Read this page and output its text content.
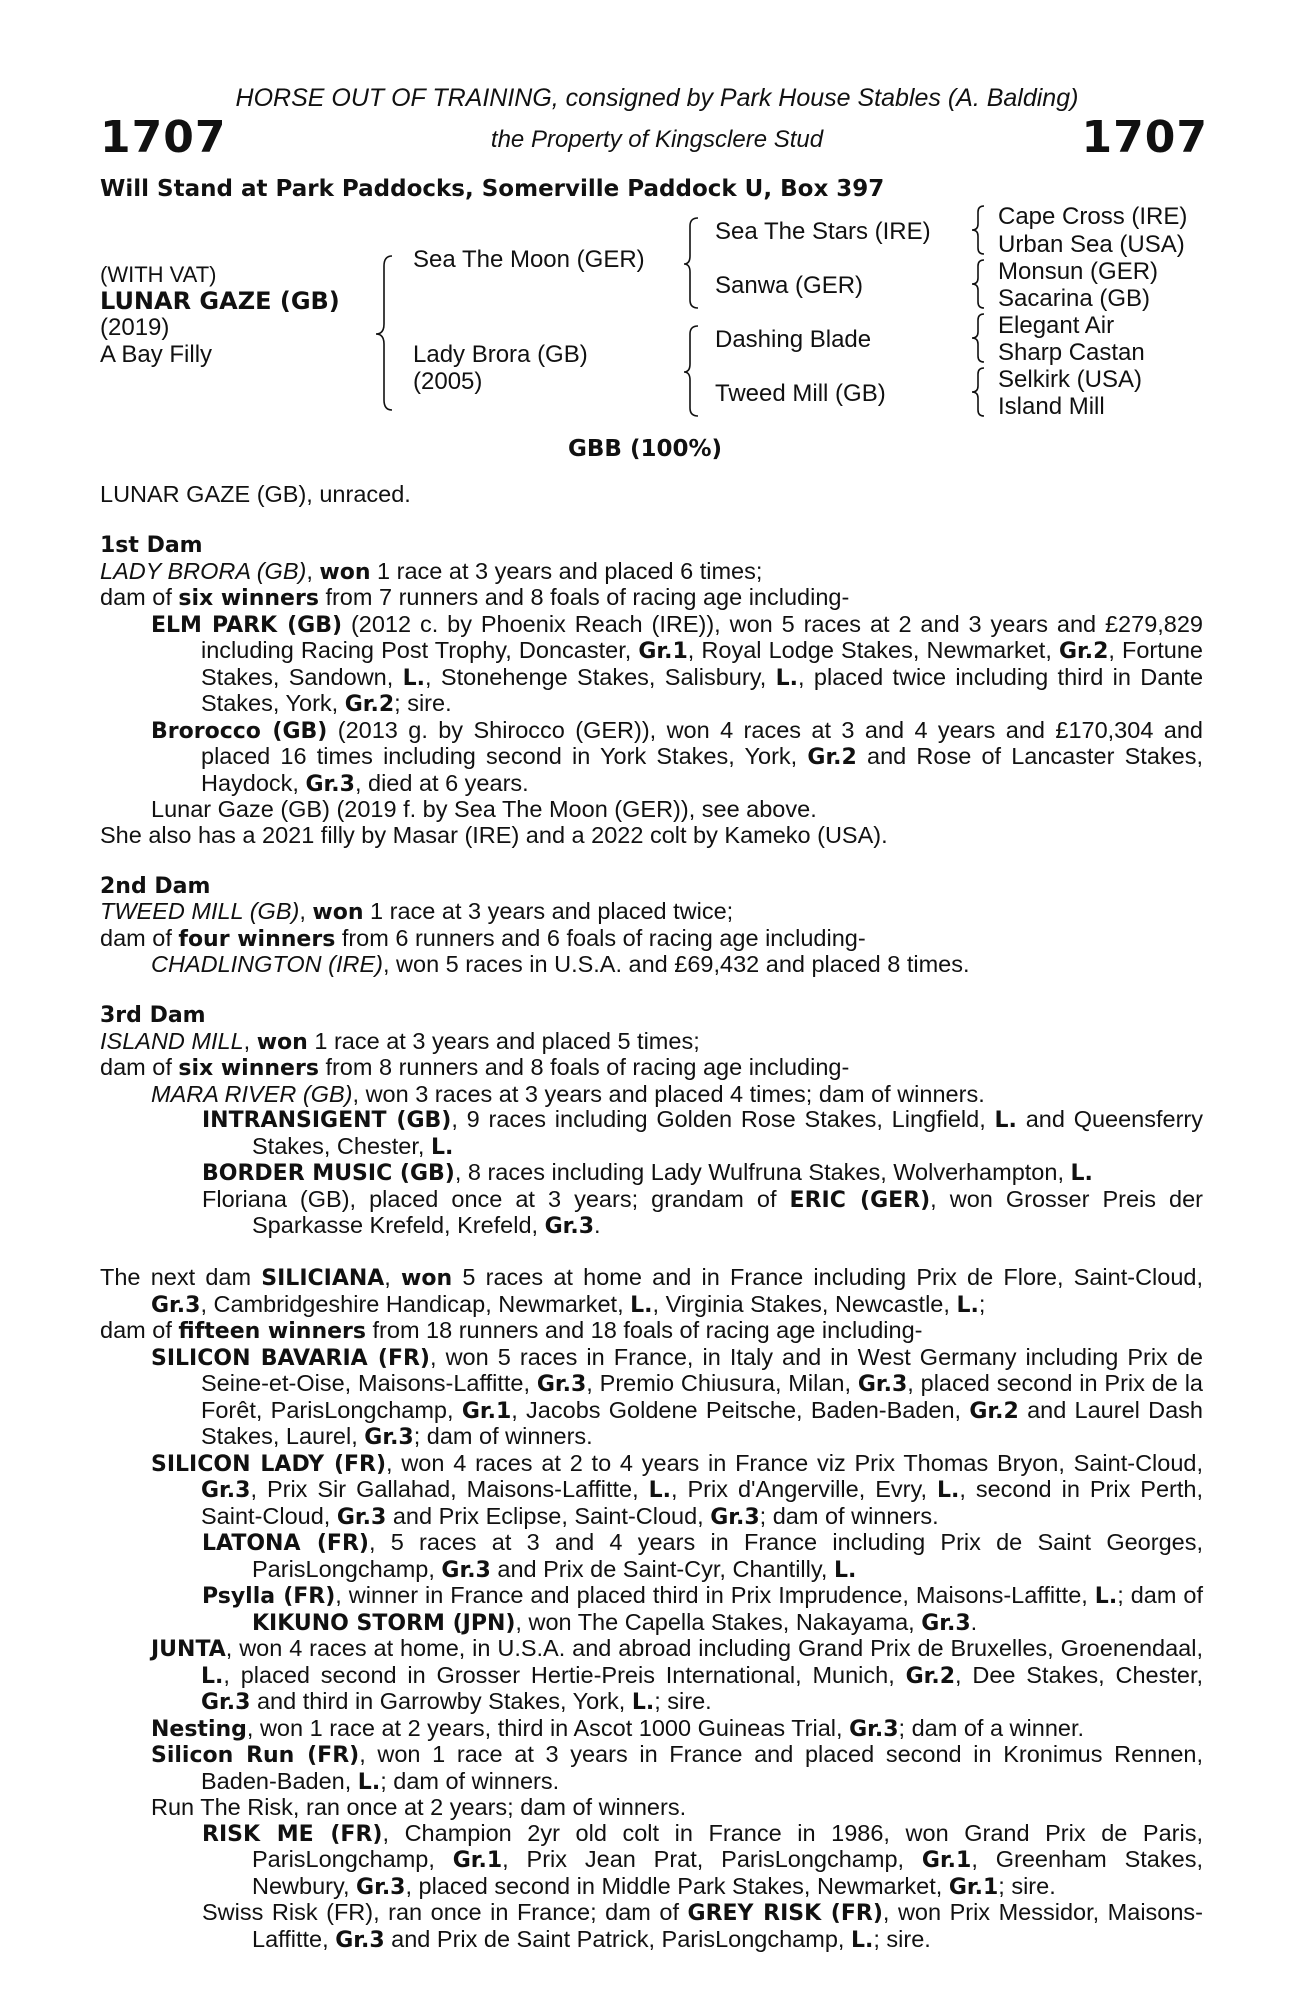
HORSE OUT OF TRAINING, consigned by Park House Stables (A. Balding)
the Property of Kingsclere Stud
1707	1707
Will Stand at Park Paddocks, Somerville Paddock U, Box 397
(WITH VAT)
LUNAR GAZE (GB)
(2019)
A Bay Filly
Sea The Moon (GER)
Lady Brora (GB)
(2005)
Sea The Stars (IRE)
Sanwa (GER)
Dashing Blade
Tweed Mill (GB)
Cape Cross (IRE)
Urban Sea (USA)
Monsun (GER)
Sacarina (GB)
Elegant Air
Sharp Castan
Selkirk (USA)
Island Mill
GBB (100%)

LUNAR GAZE (GB), unraced.

1st Dam

LADY BRORA (GB), won 1 race at 3 years and placed 6 times;

dam of six winners from 7 runners and 8 foals of racing age including-

ELM PARK (GB) (2012 c. by Phoenix Reach (IRE)), won 5 races at 2 and 3 years and £279,829 including Racing Post Trophy, Doncaster, Gr.1, Royal Lodge Stakes, Newmarket, Gr.2, Fortune Stakes, Sandown, L., Stonehenge Stakes, Salisbury, L., placed twice including third in Dante Stakes, York, Gr.2; sire.

Brorocco (GB) (2013 g. by Shirocco (GER)), won 4 races at 3 and 4 years and £170,304 and placed 16 times including second in York Stakes, York, Gr.2 and Rose of Lancaster Stakes, Haydock, Gr.3, died at 6 years.

Lunar Gaze (GB) (2019 f. by Sea The Moon (GER)), see above.

She also has a 2021 filly by Masar (IRE) and a 2022 colt by Kameko (USA).

2nd Dam

TWEED MILL (GB), won 1 race at 3 years and placed twice;

dam of four winners from 6 runners and 6 foals of racing age including-

CHADLINGTON (IRE), won 5 races in U.S.A. and £69,432 and placed 8 times.

3rd Dam

ISLAND MILL, won 1 race at 3 years and placed 5 times;

dam of six winners from 8 runners and 8 foals of racing age including-

MARA RIVER (GB), won 3 races at 3 years and placed 4 times; dam of winners.

INTRANSIGENT (GB), 9 races including Golden Rose Stakes, Lingfield, L. and Queensferry Stakes, Chester, L.

BORDER MUSIC (GB), 8 races including Lady Wulfruna Stakes, Wolverhampton, L.

Floriana (GB), placed once at 3 years; grandam of ERIC (GER), won Grosser Preis der Sparkasse Krefeld, Krefeld, Gr.3.

The next dam SILICIANA, won 5 races at home and in France including Prix de Flore, Saint-Cloud, Gr.3, Cambridgeshire Handicap, Newmarket, L., Virginia Stakes, Newcastle, L.;

dam of fifteen winners from 18 runners and 18 foals of racing age including-

SILICON BAVARIA (FR), won 5 races in France, in Italy and in West Germany including Prix de Seine-et-Oise, Maisons-Laffitte, Gr.3, Premio Chiusura, Milan, Gr.3, placed second in Prix de la Forêt, ParisLongchamp, Gr.1, Jacobs Goldene Peitsche, Baden-Baden, Gr.2 and Laurel Dash Stakes, Laurel, Gr.3; dam of winners.

SILICON LADY (FR), won 4 races at 2 to 4 years in France viz Prix Thomas Bryon, Saint-Cloud, Gr.3, Prix Sir Gallahad, Maisons-Laffitte, L., Prix d'Angerville, Evry, L., second in Prix Perth, Saint-Cloud, Gr.3 and Prix Eclipse, Saint-Cloud, Gr.3; dam of winners.

LATONA (FR), 5 races at 3 and 4 years in France including Prix de Saint Georges, ParisLongchamp, Gr.3 and Prix de Saint-Cyr, Chantilly, L.

Psylla (FR), winner in France and placed third in Prix Imprudence, Maisons-Laffitte, L.; dam of KIKUNO STORM (JPN), won The Capella Stakes, Nakayama, Gr.3.

JUNTA, won 4 races at home, in U.S.A. and abroad including Grand Prix de Bruxelles, Groenendaal, L., placed second in Grosser Hertie-Preis International, Munich, Gr.2, Dee Stakes, Chester, Gr.3 and third in Garrowby Stakes, York, L.; sire.

Nesting, won 1 race at 2 years, third in Ascot 1000 Guineas Trial, Gr.3; dam of a winner.

Silicon Run (FR), won 1 race at 3 years in France and placed second in Kronimus Rennen, Baden-Baden, L.; dam of winners.

Run The Risk, ran once at 2 years; dam of winners.

RISK ME (FR), Champion 2yr old colt in France in 1986, won Grand Prix de Paris, ParisLongchamp, Gr.1, Prix Jean Prat, ParisLongchamp, Gr.1, Greenham Stakes, Newbury, Gr.3, placed second in Middle Park Stakes, Newmarket, Gr.1; sire.

Swiss Risk (FR), ran once in France; dam of GREY RISK (FR), won Prix Messidor, Maisons-Laffitte, Gr.3 and Prix de Saint Patrick, ParisLongchamp, L.; sire.
